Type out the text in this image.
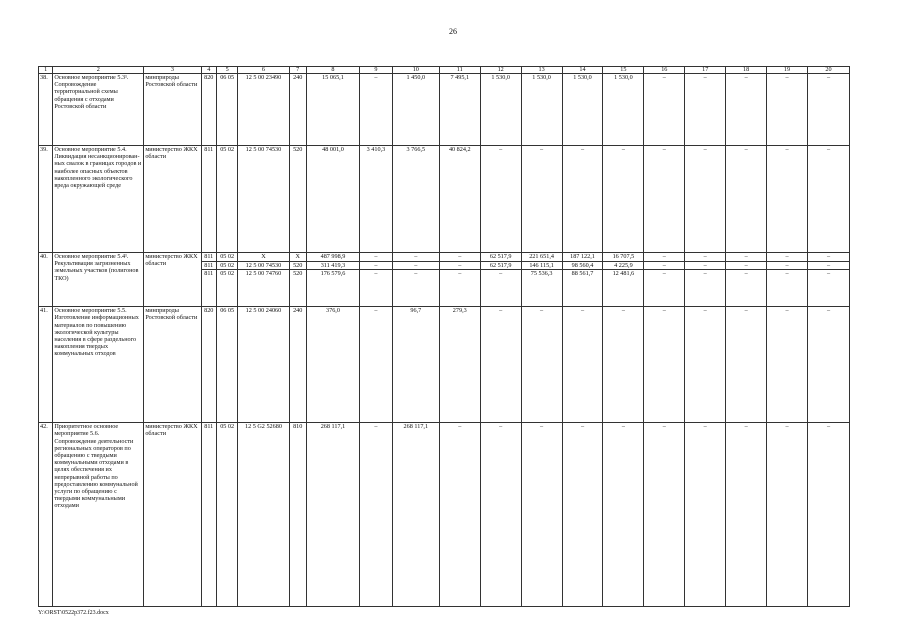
26
1	2	3	4	5	6	7	8	9	10	11	12	13	14	15	16	17	18	19	20
38.	Основное мероприятие 5.3¹. Сопровождение территориальной схемы обращения с отходами Ростовской области	минприроды Ростовской области	820	06 05	12 5 00 23490	240	15 065,1	–	1 450,0	7 495,1	1 530,0	1 530,0	1 530,0	1 530,0	–	–	–	–	–
39.	Основное мероприятие 5.4. Ликвидация несанкционирован-ных свалок в границах городов и наиболее опасных объектов накопленного экологического вреда окружающей среде	министерство ЖКХ области	811	05 02	12 5 00 74530	520	48 001,0	3 410,3	3 766,5	40 824,2	–	–	–	–	–	–	–	–	–
40.	Основное мероприятие 5.4¹. Рекультивация загрязненных земельных участков (полигонов ТКО)	министерство ЖКХ области	811	05 02	X	X	487 998,9	–	–	–	62 517,9	221 651,4	187 122,1	16 707,5	–	–	–	–	–
			811	05 02	12 5 00 74530	520	311 419,3	–	–	–	62 517,9	146 115,1	98 560,4	4 225,9	–	–	–	–	–
			811	05 02	12 5 00 74760	520	176 579,6	–	–	–	–	75 536,3	88 561,7	12 481,6	–	–	–	–	–
41.	Основное мероприятие 5.5. Изготовление информационных материалов по повышению экологической культуры населения в сфере раздельного накопления твердых коммунальных отходов	минприроды Ростовской области	820	06 05	12 5 00 24060	240	376,0	–	96,7	279,3	–	–	–	–	–	–	–	–	–
42.	Приоритетное основное мероприятие 5.6. Сопровождение деятельности региональных операторов по обращению с твердыми коммунальными отходами в целях обеспечения их непрерывной работы по предоставлению коммунальной услуги по обращению с твердыми коммунальными отходами	министерство ЖКХ области	811	05 02	12 5 G2 52680	810	268 117,1	–	268 117,1	–	–	–	–	–	–	–	–	–	–
Y:\ORST\0522p372.f23.docx
